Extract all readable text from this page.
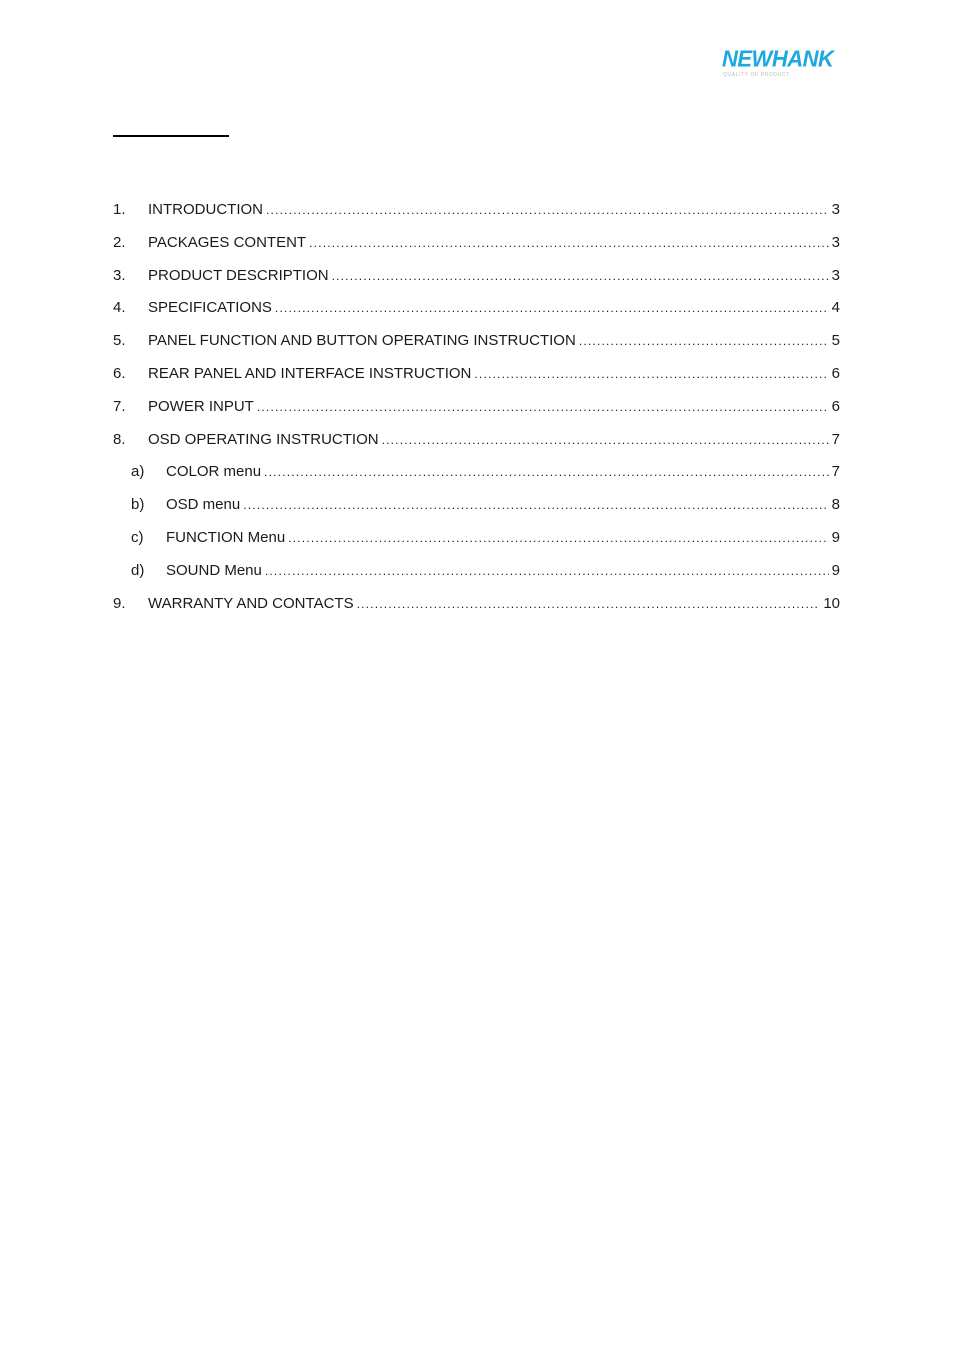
NEWHANK
QUALITY OF PRODUCT
1.	INTRODUCTION .....	3
2.	PACKAGES CONTENT .....	3
3.	PRODUCT DESCRIPTION .....	3
4.	SPECIFICATIONS .....	4
5.	PANEL FUNCTION AND BUTTON OPERATING INSTRUCTION .....	5
6.	REAR PANEL AND INTERFACE INSTRUCTION .....	6
7.	POWER INPUT .....	6
8.	OSD OPERATING INSTRUCTION .....	7
a)	COLOR menu .....	7
b)	OSD menu .....	8
c)	FUNCTION Menu .....	9
d)	SOUND Menu .....	9
9.	WARRANTY AND CONTACTS .....	10
